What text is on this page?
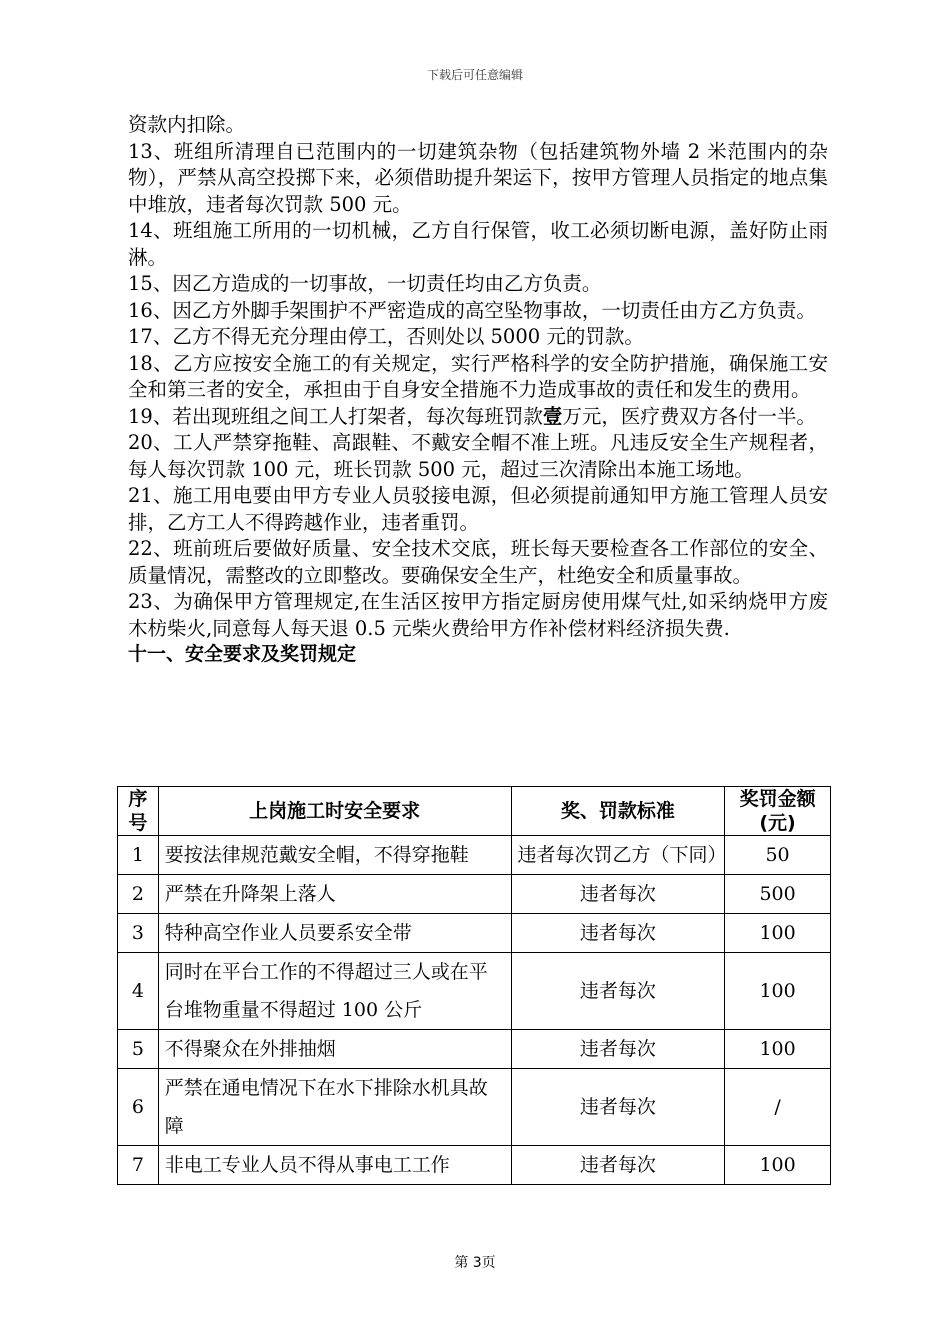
下载后可任意编辑

资款内扣除。

13、班组所清理自已范围内的一切建筑杂物（包括建筑物外墙 2 米范围内的杂物），严禁从高空投掷下来，必须借助提升架运下，按甲方管理人员指定的地点集中堆放，违者每次罚款 500 元。

14、班组施工所用的一切机械，乙方自行保管，收工必须切断电源，盖好防止雨淋。

15、因乙方造成的一切事故，一切责任均由乙方负责。

16、因乙方外脚手架围护不严密造成的高空坠物事故，一切责任由方乙方负责。

17、乙方不得无充分理由停工，否则处以 5000 元的罚款。

18、乙方应按安全施工的有关规定，实行严格科学的安全防护措施，确保施工安全和第三者的安全，承担由于自身安全措施不力造成事故的责任和发生的费用。

19、若出现班组之间工人打架者，每次每班罚款壹万元，医疗费双方各付一半。

20、工人严禁穿拖鞋、高跟鞋、不戴安全帽不准上班。凡违反安全生产规程者，每人每次罚款 100 元，班长罚款 500 元，超过三次清除出本施工场地。

21、施工用电要由甲方专业人员驳接电源，但必须提前通知甲方施工管理人员安排，乙方工人不得跨越作业，违者重罚。

22、班前班后要做好质量、安全技术交底，班长每天要检查各工作部位的安全、质量情况，需整改的立即整改。要确保安全生产，杜绝安全和质量事故。

23、为确保甲方管理规定,在生活区按甲方指定厨房使用煤气灶,如采纳烧甲方废木枋柴火,同意每人每天退 0.5 元柴火费给甲方作补偿材料经济损失费.

十一、安全要求及奖罚规定

序号	上岗施工时安全要求	奖、罚款标准	奖罚金额(元)
1	要按法律规范戴安全帽，不得穿拖鞋	违者每次罚乙方（下同）	50
2	严禁在升降架上落人	违者每次	500
3	特种高空作业人员要系安全带	违者每次	100
4	同时在平台工作的不得超过三人或在平台堆物重量不得超过 100 公斤	违者每次	100
5	不得聚众在外排抽烟	违者每次	100
6	严禁在通电情况下在水下排除水机具故障	违者每次	/
7	非电工专业人员不得从事电工工作	违者每次	100
第 3页
